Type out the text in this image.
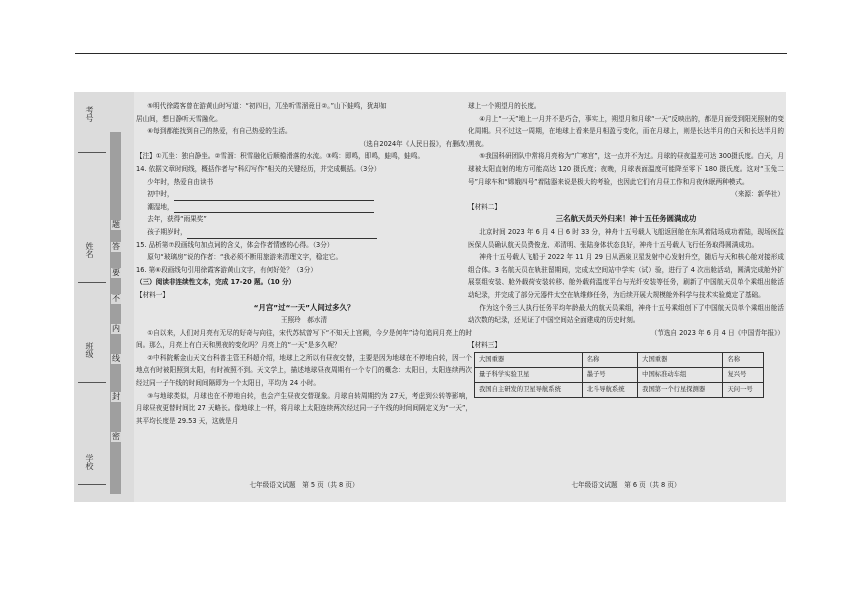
考号
姓名
班级
学校
密
封
线
内
不
要
答
题

⑤明代徐霞客曾在游黄山时写道：“初四日，兀坐听雪溜竟日②。”山下蛙鸣，犹却如

居山间，想日静听天雪融化。

⑥每到都能找到自己的热爱，有自己热爱的生活。

（选自2024年《人民日报》，有删改）

【注】①兀坐：独自静坐。②雪溜：积雪融化后顺檐滑落的水流。③鸣：即鸣，即鸣，蛙鸣，蛙鸣。

14. 依据文章时间线，概括作者与“科幻写作”相关的关键经历，并完成概括。（3分）

少年时，热爱自由读书

初中时，

潮湿地，

去年，获得“雨果奖”

孩子期岁时，

15. 品析第⑦段画线句加点词的含义，体会作者情感的心得。（3分）

原句“玻璃房”说的作者：“我必须不断用旅游来清理文字，稳定它。

16. 第⑥段画线句引用徐霞客游黄山文字，有何好处？（3分）

（三）阅读非连续性文本，完成 17-20 题。（10 分）

【材料一】

“月宫”过“一天”人间过多久？

王照玲　郝水清

①自以来，人们对月亮有无尽的好奇与向往，宋代苏轼曾写下“不知天上宫阙，今夕是何年”诗句追问月亮上的时间。那么，月亮上有白天和黑夜的变化吗？月亮上的“一天”是多久呢？

②中科院紫金山天文台科普主管王科超介绍，地球上之所以有昼夜交替，主要是因为地球在不停地自转，因一个地点有时被阳照到太阳，有时被照不到。天文学上，描述地球昼夜周期有一个专门的概念：太阳日，太阳连续两次经过同一子午线的时间间隔即为一个太阳日，平均为 24 小时。

③与地球类似，月球也在不停地自转，也会产生昼夜交替现象。月球自转周期约为 27天，考虑到公转等影响，月球昼夜更替时间比 27 天略长。像地球上一样，将月球上太阳连续两次经过同一子午线的时间间隔定义为“一天”，其平均长度是 29.53 天，这就是月

七年级语文试题　第 5 页（共 8 页）

球上一个朔望月的长度。

④月上“一天”地上一月并不是巧合，事实上，朔望月和月球“一天”反映出的，都是月面受到阳光照射的变化周期。只不过这一周期，在地球上看来是月相盈亏变化，而在月球上，则是长达半月的白天和长达半月的黑夜。

⑤我国科研团队中常将月亮称为“广寒宫”，这一点并不为过。月球的昼夜温差可达 300摄氏度。白天，月球被太阳直射的地方可能高达 120 摄氏度；夜晚，月球表面温度可能降至零下 180 摄氏度。这对“玉兔二号”月球车和“嫦娥四号”着陆器来说是极大的考验，也因此它们有月昼工作和月夜休眠两种模式。

（来源：新华社）

【材料二】

三名航天员天外归来！神十五任务圆满成功

北京时间 2023 年 6 月 4 日 6 时 33 分，神舟十五号载人飞船返回舱在东风着陆场成功着陆，现场医监医保人员确认航天员费俊龙、邓清明、张陆身体状态良好，神舟十五号载人飞行任务取得圆满成功。

神舟十五号载人飞船于 2022 年 11 月 29 日从酒泉卫星发射中心发射升空，随后与天和核心舱对接形成组合体。3 名航天员在轨驻留期间，完成太空间站中学实（试）验，进行了 4 次出舱活动，圆满完成舱外扩展泵组安装、舱外载荷安装转移、舱外载荷温度平台与光纤安装等任务，刷新了中国航天员单个乘组出舱活动纪录，并完成了部分元器件太空在轨维修任务，为后续开展大规模舱外科学与技术实验奠定了基础。

作为这个务三人执行任务平均年龄最大的航天员乘组，神舟十五号乘组创下了中国航天员单个乘组出舱活动次数的纪录，还见证了中国空间站全面建成的历史时刻。

（节选自 2023 年 6 月 4 日《中国青年报》）

【材料三】

大国重器	名称	大国重器	名称
量子科学实验卫星	墨子号	中国标准动车组	复兴号
我国自主研发的卫星导航系统	北斗导航系统	我国第一个行星探测器	天问一号
七年级语文试题　第 6 页（共 8 页）
